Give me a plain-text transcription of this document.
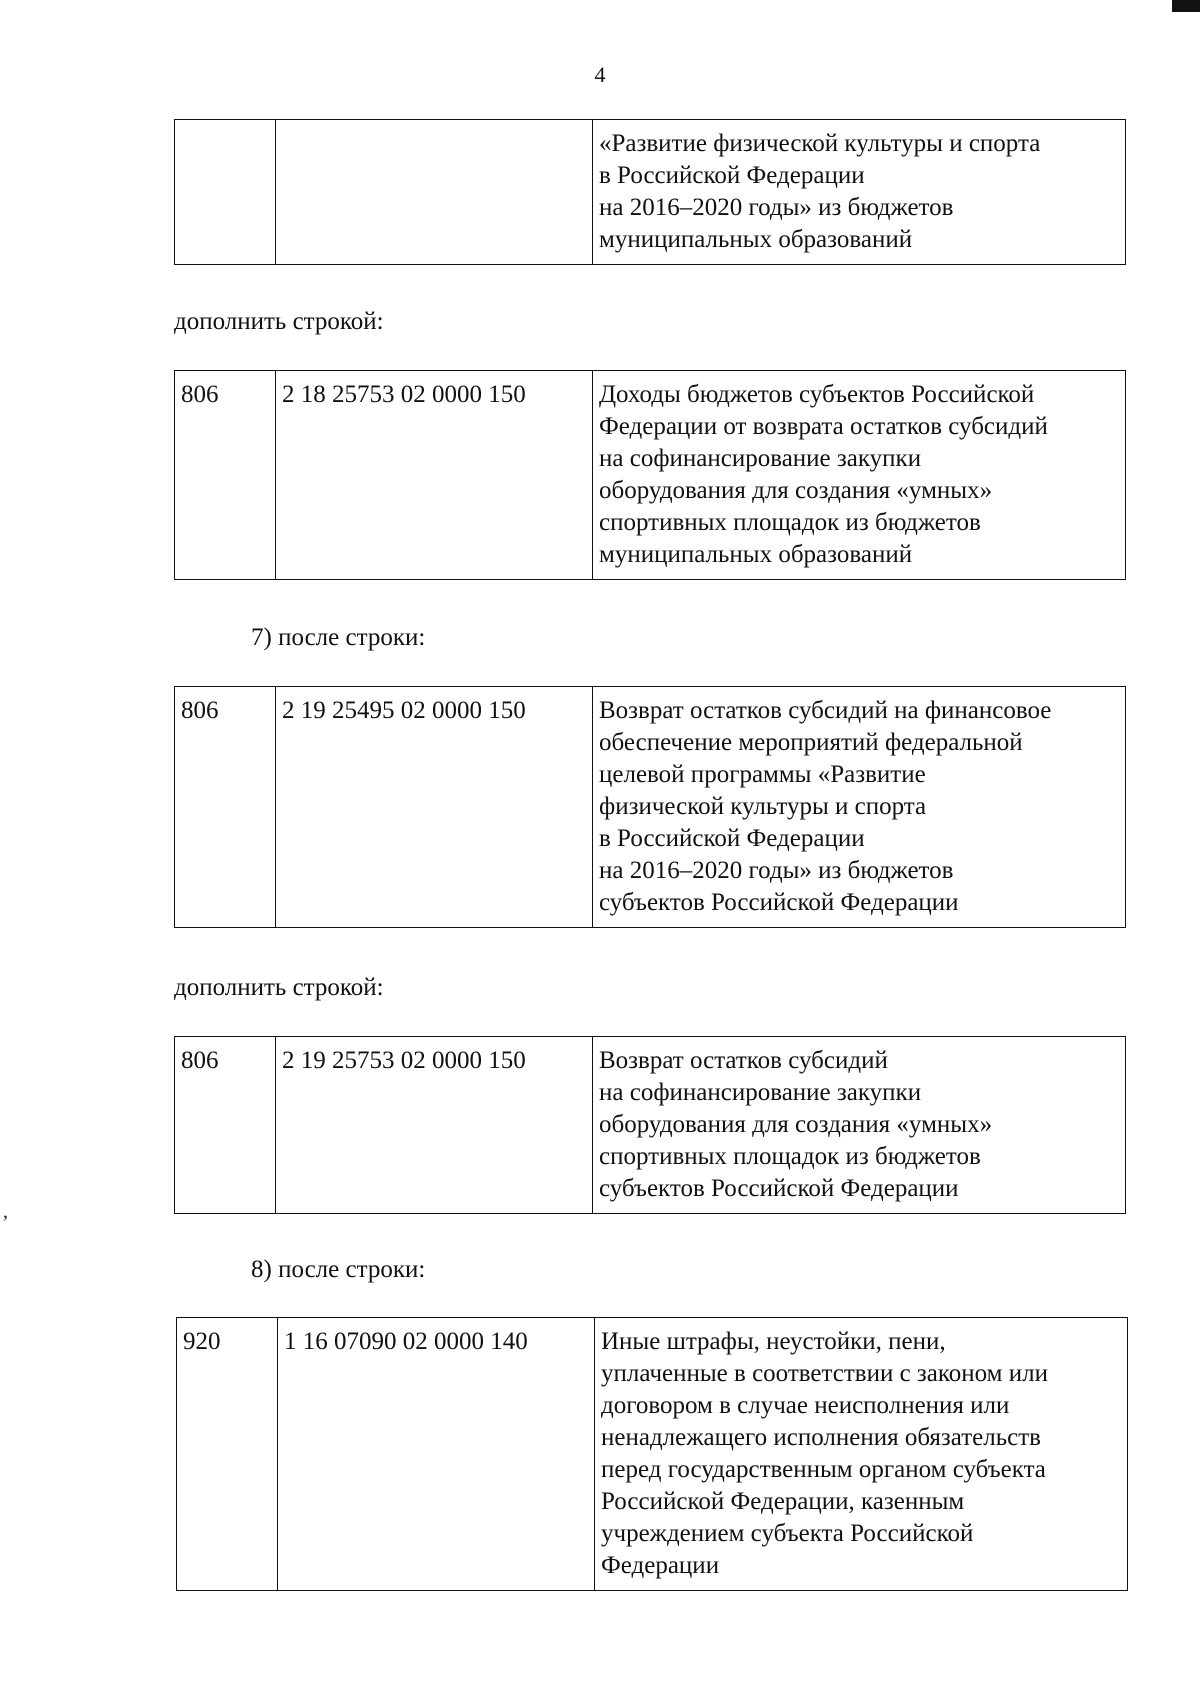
ʼ
4

«Развитие физической культуры и спорта
в Российской Федерации
на 2016–2020 годы» из бюджетов
муниципальных образований
дополнить строкой:
806	2 18 25753 02 0000 150	Доходы бюджетов субъектов Российской
Федерации от возврата остатков субсидий
на софинансирование закупки
оборудования для создания «умных»
спортивных площадок из бюджетов
муниципальных образований
7) после строки:
806	2 19 25495 02 0000 150	Возврат остатков субсидий на финансовое
обеспечение мероприятий федеральной
целевой программы «Развитие
физической культуры и спорта
в Российской Федерации
на 2016–2020 годы» из бюджетов
субъектов Российской Федерации
дополнить строкой:
806	2 19 25753 02 0000 150	Возврат остатков субсидий
на софинансирование закупки
оборудования для создания «умных»
спортивных площадок из бюджетов
субъектов Российской Федерации
8) после строки:
920	1 16 07090 02 0000 140	Иные штрафы, неустойки, пени,
уплаченные в соответствии с законом или
договором в случае неисполнения или
ненадлежащего исполнения обязательств
перед государственным органом субъекта
Российской Федерации, казенным
учреждением субъекта Российской
Федерации
